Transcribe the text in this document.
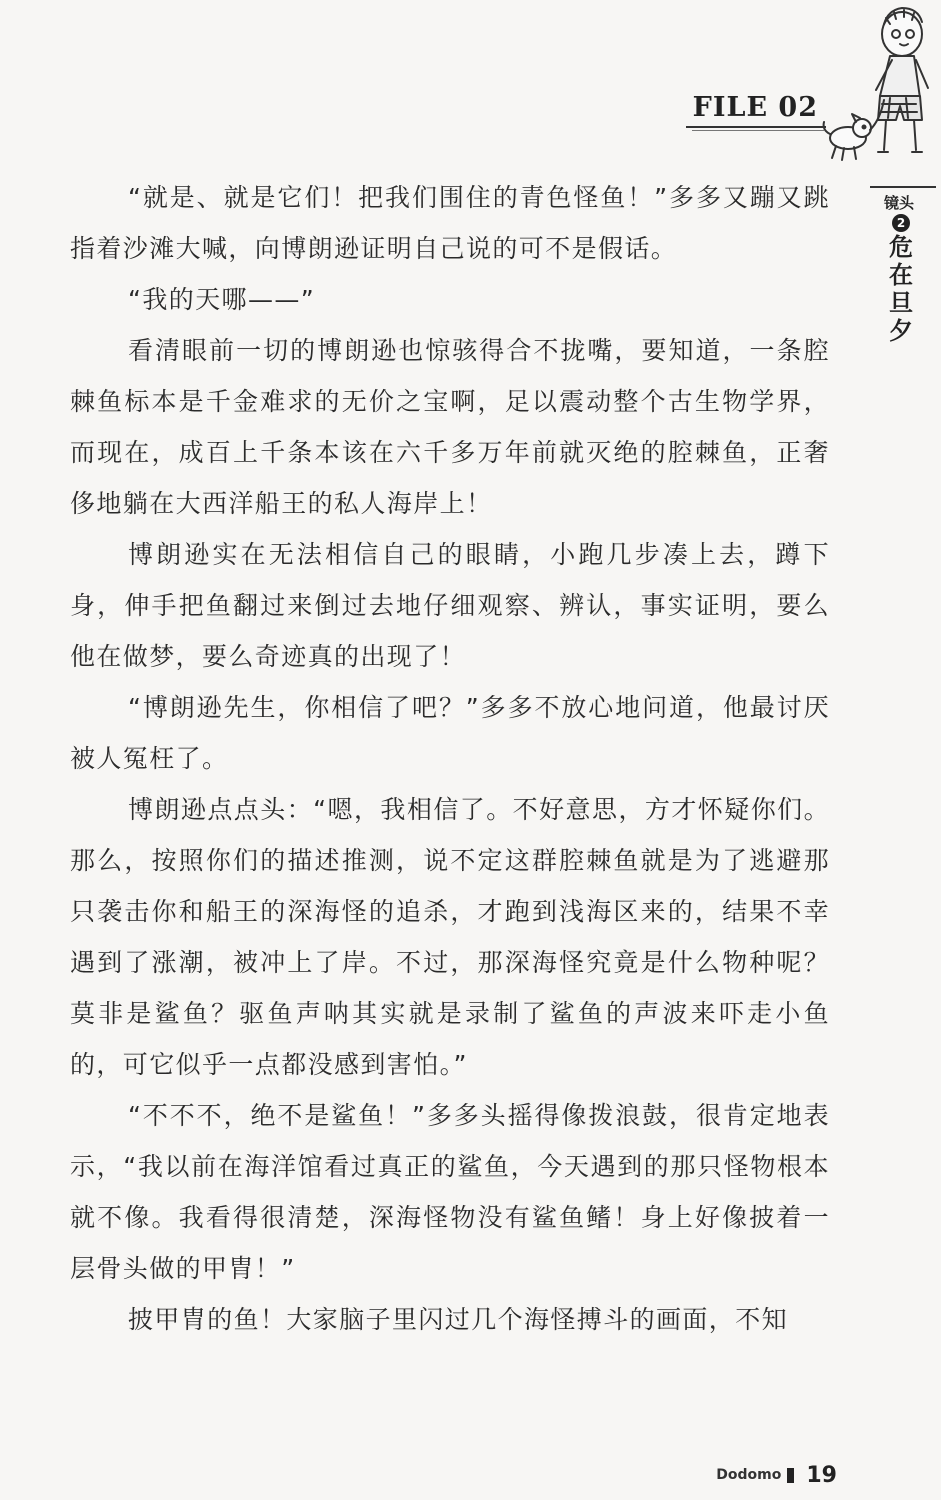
FILE 02
镜头
2
危在旦夕

“就是、就是它们！把我们围住的青色怪鱼！”多多又蹦又跳指着沙滩大喊，向博朗逊证明自己说的可不是假话。

“我的天哪——”

看清眼前一切的博朗逊也惊骇得合不拢嘴，要知道，一条腔棘鱼标本是千金难求的无价之宝啊，足以震动整个古生物学界，而现在，成百上千条本该在六千多万年前就灭绝的腔棘鱼，正奢侈地躺在大西洋船王的私人海岸上！

博朗逊实在无法相信自己的眼睛，小跑几步凑上去，蹲下身，伸手把鱼翻过来倒过去地仔细观察、辨认，事实证明，要么他在做梦，要么奇迹真的出现了！

“博朗逊先生，你相信了吧？”多多不放心地问道，他最讨厌被人冤枉了。

博朗逊点点头：“嗯，我相信了。不好意思，方才怀疑你们。那么，按照你们的描述推测，说不定这群腔棘鱼就是为了逃避那只袭击你和船王的深海怪的追杀，才跑到浅海区来的，结果不幸遇到了涨潮，被冲上了岸。不过，那深海怪究竟是什么物种呢？莫非是鲨鱼？驱鱼声呐其实就是录制了鲨鱼的声波来吓走小鱼的，可它似乎一点都没感到害怕。”

“不不不，绝不是鲨鱼！”多多头摇得像拨浪鼓，很肯定地表示，“我以前在海洋馆看过真正的鲨鱼，今天遇到的那只怪物根本就不像。我看得很清楚，深海怪物没有鲨鱼鳍！身上好像披着一层骨头做的甲胄！”

披甲胄的鱼！大家脑子里闪过几个海怪搏斗的画面，不知

Dodomo 19
